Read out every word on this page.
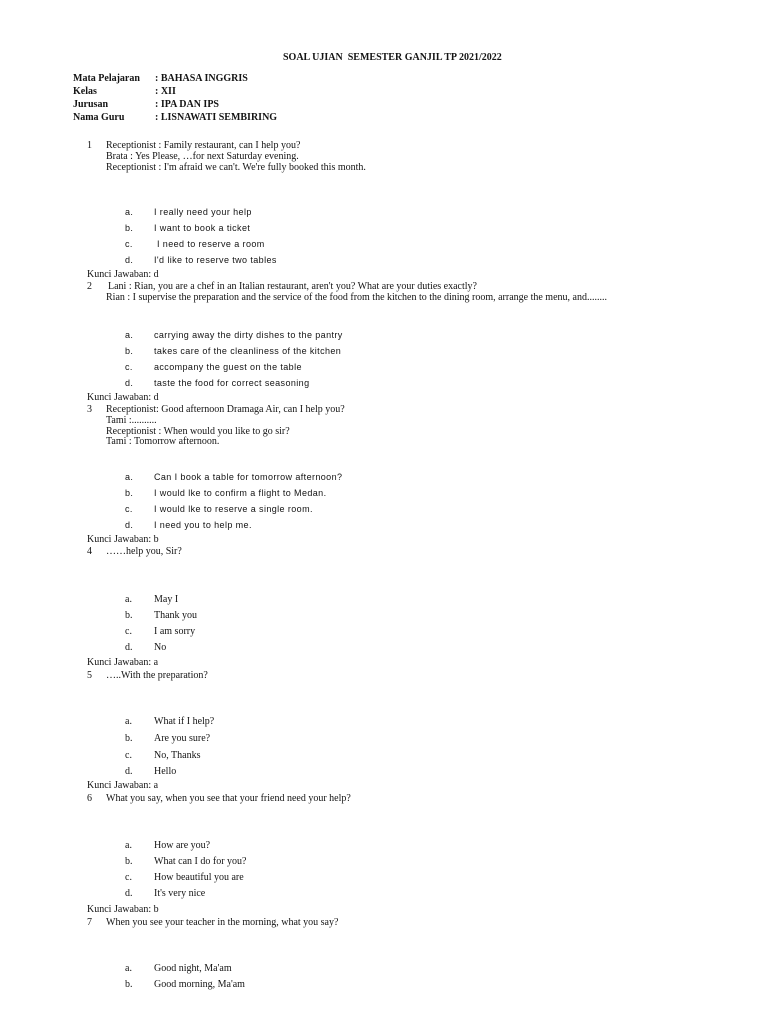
SOAL UJIAN  SEMESTER GANJIL TP 2021/2022
Mata Pelajaran : BAHASA INGGRIS
Kelas	: XII
Jurusan	: IPA DAN IPS
Nama Guru	: LISNAWATI SEMBIRING
1 Receptionist : Family restaurant, can I help you?
Brata : Yes Please, …for next Saturday evening.
Receptionist : I'm afraid we can't. We're fully booked this month.
a. I really need your help
b. I want to book a ticket
c.	I need to reserve a room
d. I'd like to reserve two tables
Kunci Jawaban: d
2 Lani : Rian, you are a chef in an Italian restaurant, aren't you? What are your duties exactly?
Rian : I supervise the preparation and the service of the food from the kitchen to the dining room, arrange the menu, and........
a. carrying away the dirty dishes to the pantry
b. takes care of the cleanliness of the kitchen
c. accompany the guest on the table
d. taste the food for correct seasoning
Kunci Jawaban: d
3 Receptionist: Good afternoon Dramaga Air, can I help you?
Tami :..........
Receptionist : When would you like to go sir?
Tami : Tomorrow afternoon.
a. Can I book a table for tomorrow afternoon?
b. I would lke to confirm a flight to Medan.
c. I would lke to reserve a single room.
d. I need you to help me.
Kunci Jawaban: b
4 ……help you, Sir?
a. May I
b. Thank you
c. I am sorry
d. No
Kunci Jawaban: a
5 …..With the preparation?
a. What if I help?
b. Are you sure?
c. No, Thanks
d. Hello
Kunci Jawaban: a
6 What you say, when you see that your friend need your help?
a. How are you?
b. What can I do for you?
c. How beautiful you are
d. It's very nice
Kunci Jawaban: b
7 When you see your teacher in the morning, what you say?
a. Good night, Ma'am
b. Good morning, Ma'am
